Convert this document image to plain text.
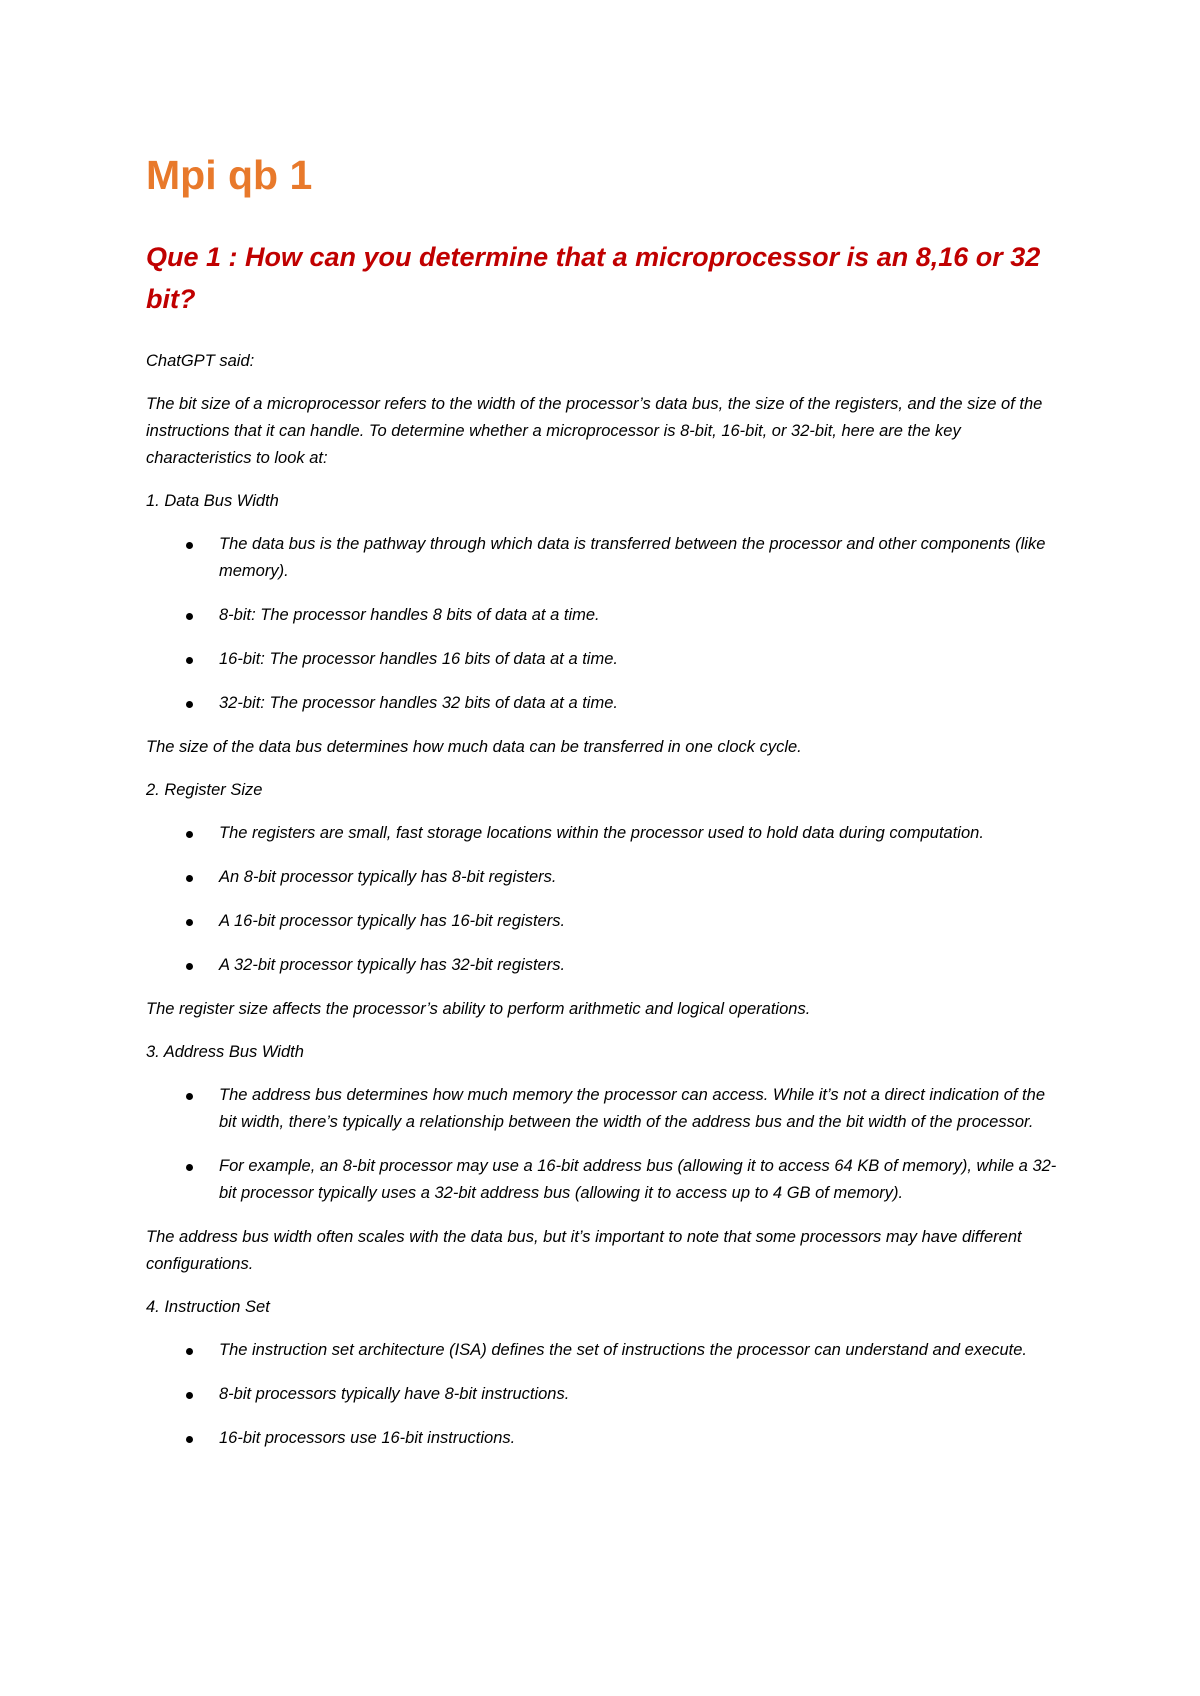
Mpi qb 1
Que 1 : How can you determine that a microprocessor is an 8,16 or 32 bit?

ChatGPT said:

The bit size of a microprocessor refers to the width of the processor’s data bus, the size of the registers, and the size of the instructions that it can handle. To determine whether a microprocessor is 8-bit, 16-bit, or 32-bit, here are the key characteristics to look at:

1. Data Bus Width

The data bus is the pathway through which data is transferred between the processor and other components (like memory).
8-bit: The processor handles 8 bits of data at a time.
16-bit: The processor handles 16 bits of data at a time.
32-bit: The processor handles 32 bits of data at a time.

The size of the data bus determines how much data can be transferred in one clock cycle.

2. Register Size

The registers are small, fast storage locations within the processor used to hold data during computation.
An 8-bit processor typically has 8-bit registers.
A 16-bit processor typically has 16-bit registers.
A 32-bit processor typically has 32-bit registers.

The register size affects the processor’s ability to perform arithmetic and logical operations.

3. Address Bus Width

The address bus determines how much memory the processor can access. While it’s not a direct indication of the bit width, there’s typically a relationship between the width of the address bus and the bit width of the processor.
For example, an 8-bit processor may use a 16-bit address bus (allowing it to access 64 KB of memory), while a 32-bit processor typically uses a 32-bit address bus (allowing it to access up to 4 GB of memory).

The address bus width often scales with the data bus, but it’s important to note that some processors may have different configurations.

4. Instruction Set

The instruction set architecture (ISA) defines the set of instructions the processor can understand and execute.
8-bit processors typically have 8-bit instructions.
16-bit processors use 16-bit instructions.
